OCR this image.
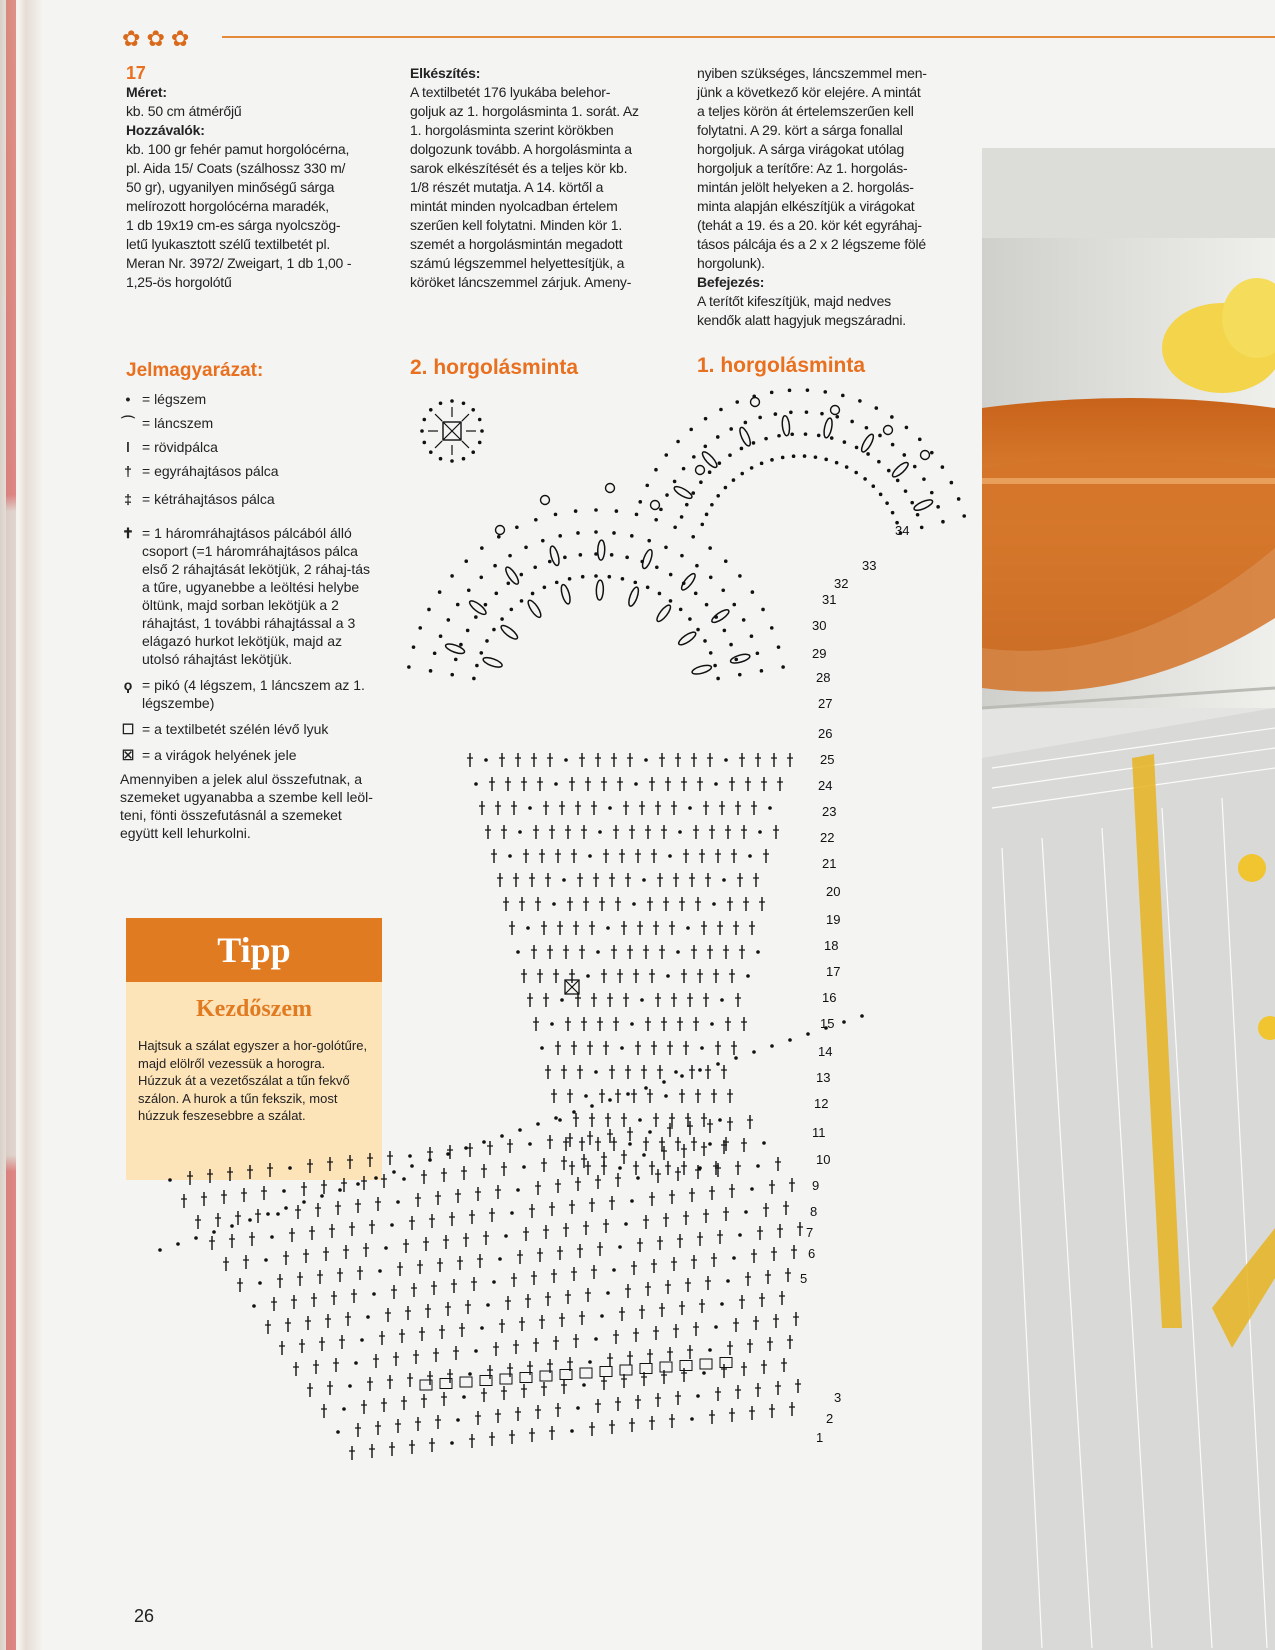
✿ ✿ ✿
17
Méret:
kb. 50 cm átmérőjű
Hozzávalók:
kb. 100 gr fehér pamut horgolócérna,
pl. Aida 15/ Coats (szálhossz 330 m/
50 gr), ugyanilyen minőségű sárga
melírozott horgolócérna maradék,
1 db 19x19 cm-es sárga nyolcszög-
letű lyukasztott szélű textilbetét pl.
Meran Nr. 3972/ Zweigart, 1 db 1,00 -
1,25-ös horgolótű
Elkészítés:
A textilbetét 176 lyukába belehor-
goljuk az 1. horgolásminta 1. sorát. Az
1. horgolásminta szerint körökben
dolgozunk tovább. A horgolásminta a
sarok elkészítését és a teljes kör kb.
1/8 részét mutatja. A 14. körtől a
mintát minden nyolcadban értelem
szerűen kell folytatni. Minden kör 1.
szemét a horgolásmintán megadott
számú légszemmel helyettesítjük, a
köröket láncszemmel zárjuk. Ameny-
nyiben szükséges, láncszemmel men-
jünk a következő kör elejére. A mintát
a teljes körön át értelemszerűen kell
folytatni. A 29. kört a sárga fonallal
horgoljuk. A sárga virágokat utólag
horgoljuk a terítőre: Az 1. horgolás-
mintán jelölt helyeken a 2. horgolás-
minta alapján elkészítjük a virágokat
(tehát a 19. és a 20. kör két egyráhaj-
tásos pálcája és a 2 x 2 légszeme fölé
horgolunk).
Befejezés:
A terítőt kifeszítjük, majd nedves
kendők alatt hagyjuk megszáradni.
Jelmagyarázat:	2. horgolásminta	1. horgolásminta
• = légszem
⌒ = láncszem
ǀ = rövidpálca
† = egyráhajtásos pálca
‡ = kétráhajtásos pálca
✝ = 1 háromráhajtásos pálcából álló csoport (=1 háromráhajtásos pálca első 2 ráhajtását lekötjük, 2 ráhaj-tás a tűre, ugyanebbe a leöltési helybe öltünk, majd sorban lekötjük a 2 ráhajtást, 1 további ráhajtással a 3 elágazó hurkot lekötjük, majd az utolsó ráhajtást lekötjük.
ϙ = pikó (4 légszem, 1 láncszem az 1. légszembe)
☐ = a textilbetét szélén lévő lyuk
☒ = a virágok helyének jele
Amennyiben a jelek alul összefutnak, a szemeket ugyanabba a szembe kell leöl-teni, fönti összefutásnál a szemeket együtt kell lehurkolni.
Tipp
Kezdőszem
Hajtsuk a szálat egyszer a hor-golótűre, majd elölről vezessük a horogra. Húzzuk át a vezetőszálat a tűn fekvő szálon. A hurok a tűn fekszik, most húzzuk feszesebbre a szálat.
3
2
1
5
6
7
8
9
10
11
12
13
14
15
16
17
18
19
20
21
22
23
24
25
26
27
28
29
30
31
32
33
34
26
